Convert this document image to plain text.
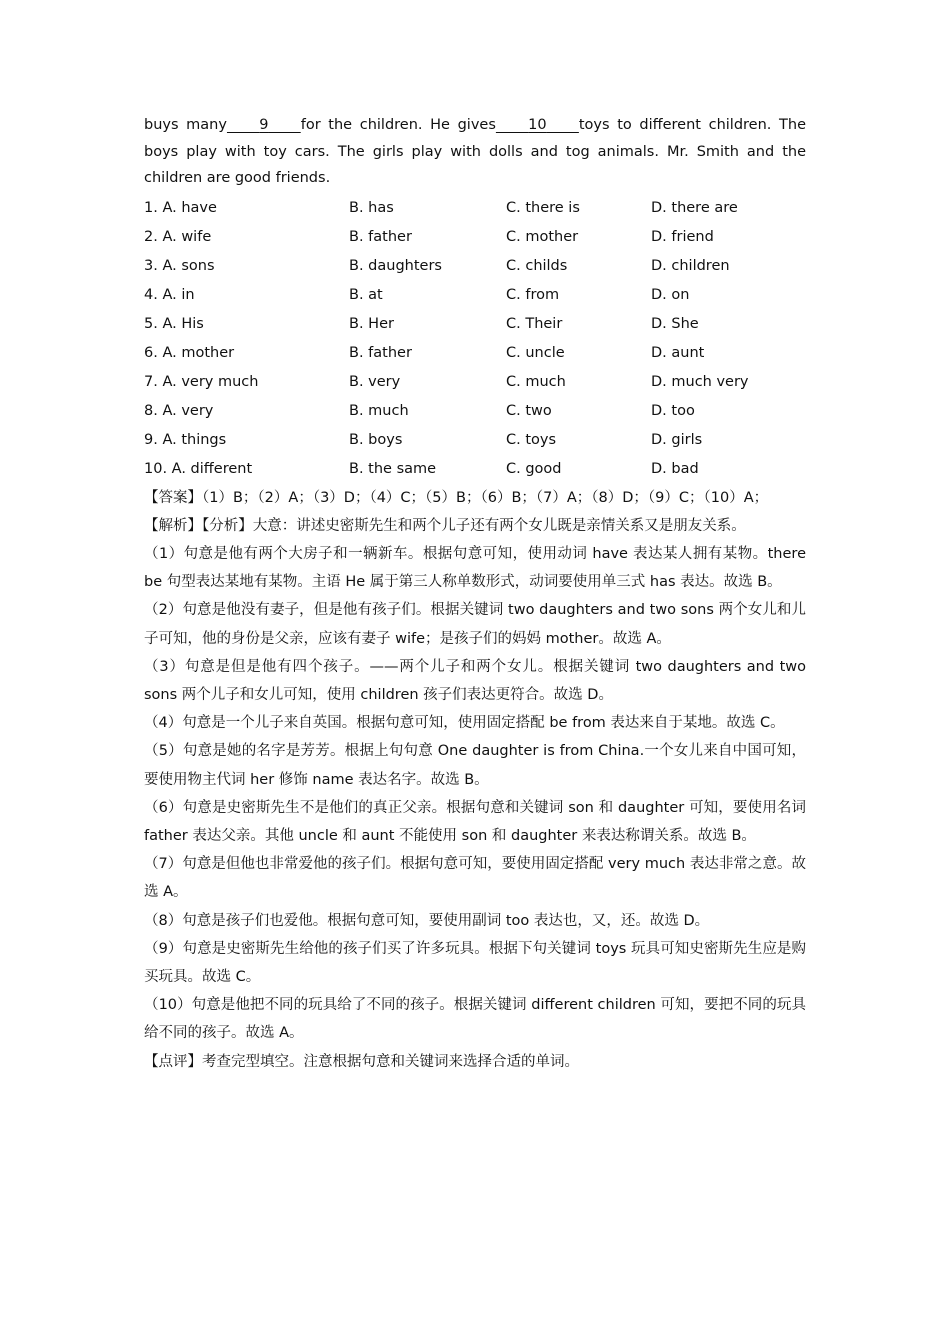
buys many 9 for the children. He gives 10 toys to different children. The boys play with toy cars. The girls play with dolls and tog animals. Mr. Smith and the children are good friends.

1. A. have	B. has	C. there is	D. there are
2. A. wife	B. father	C. mother	D. friend
3. A. sons	B. daughters	C. childs	D. children
4. A. in	B. at	C. from	D. on
5. A. His	B. Her	C. Their	D. She
6. A. mother	B. father	C. uncle	D. aunt
7. A. very much	B. very	C. much	D. much very
8. A. very	B. much	C. two	D. too
9. A. things	B. boys	C. toys	D. girls
10. A. different	B. the same	C. good	D. bad

【答案】（1）B；（2）A；（3）D；（4）C；（5）B；（6）B；（7）A；（8）D；（9）C；（10）A；

【解析】【分析】大意：讲述史密斯先生和两个儿子还有两个女儿既是亲情关系又是朋友关系。

（1）句意是他有两个大房子和一辆新车。根据句意可知，使用动词 have 表达某人拥有某物。there be 句型表达某地有某物。主语 He 属于第三人称单数形式，动词要使用单三式 has 表达。故选 B。

（2）句意是他没有妻子，但是他有孩子们。根据关键词 two daughters and two sons 两个女儿和儿子可知，他的身份是父亲，应该有妻子 wife；是孩子们的妈妈 mother。故选 A。

（3）句意是但是他有四个孩子。——两个儿子和两个女儿。根据关键词 two daughters and two sons 两个儿子和女儿可知，使用 children 孩子们表达更符合。故选 D。

（4）句意是一个儿子来自英国。根据句意可知，使用固定搭配 be from 表达来自于某地。故选 C。

（5）句意是她的名字是芳芳。根据上句句意 One daughter is from China.一个女儿来自中国可知，要使用物主代词 her 修饰 name 表达名字。故选 B。

（6）句意是史密斯先生不是他们的真正父亲。根据句意和关键词 son 和 daughter 可知，要使用名词 father 表达父亲。其他 uncle 和 aunt 不能使用 son 和 daughter 来表达称谓关系。故选 B。

（7）句意是但他也非常爱他的孩子们。根据句意可知，要使用固定搭配 very much 表达非常之意。故选 A。

（8）句意是孩子们也爱他。根据句意可知，要使用副词 too 表达也，又，还。故选 D。

（9）句意是史密斯先生给他的孩子们买了许多玩具。根据下句关键词 toys 玩具可知史密斯先生应是购买玩具。故选 C。

（10）句意是他把不同的玩具给了不同的孩子。根据关键词 different children 可知，要把不同的玩具给不同的孩子。故选 A。

【点评】考查完型填空。注意根据句意和关键词来选择合适的单词。
